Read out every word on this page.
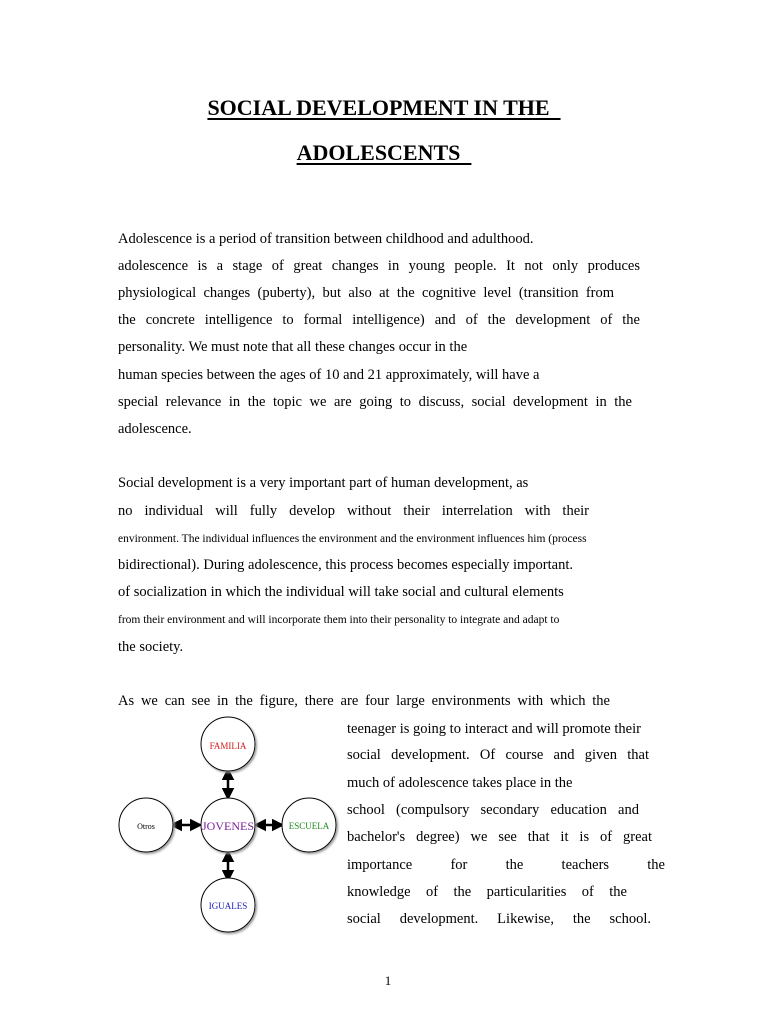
SOCIAL DEVELOPMENT IN THE
ADOLESCENTS
Adolescence is a period of transition between childhood and adulthood.
adolescence is a stage of great changes in young people. It not only produces
physiological changes (puberty), but also at the cognitive level (transition from
the concrete intelligence to formal intelligence) and of the development of the
personality. We must note that all these changes occur in the
human species between the ages of 10 and 21 approximately, will have a
special relevance in the topic we are going to discuss, social development in the
adolescence.
Social development is a very important part of human development, as
no individual will fully develop without their interrelation with their
environment. The individual influences the environment and the environment influences him (process
bidirectional). During adolescence, this process becomes especially important.
of socialization in which the individual will take social and cultural elements
from their environment and will incorporate them into their personality to integrate and adapt to
the society.
As we can see in the figure, there are four large environments with which the
teenager is going to interact and will promote their
social development. Of course and given that
much of adolescence takes place in the
school (compulsory secondary education and
bachelor's degree) we see that it is of great
importance for the teachers the
knowledge of the particularities of the
social development. Likewise, the school.
FAMILIA
JOVENES
Otros	ESCUELA
IGUALES
1
